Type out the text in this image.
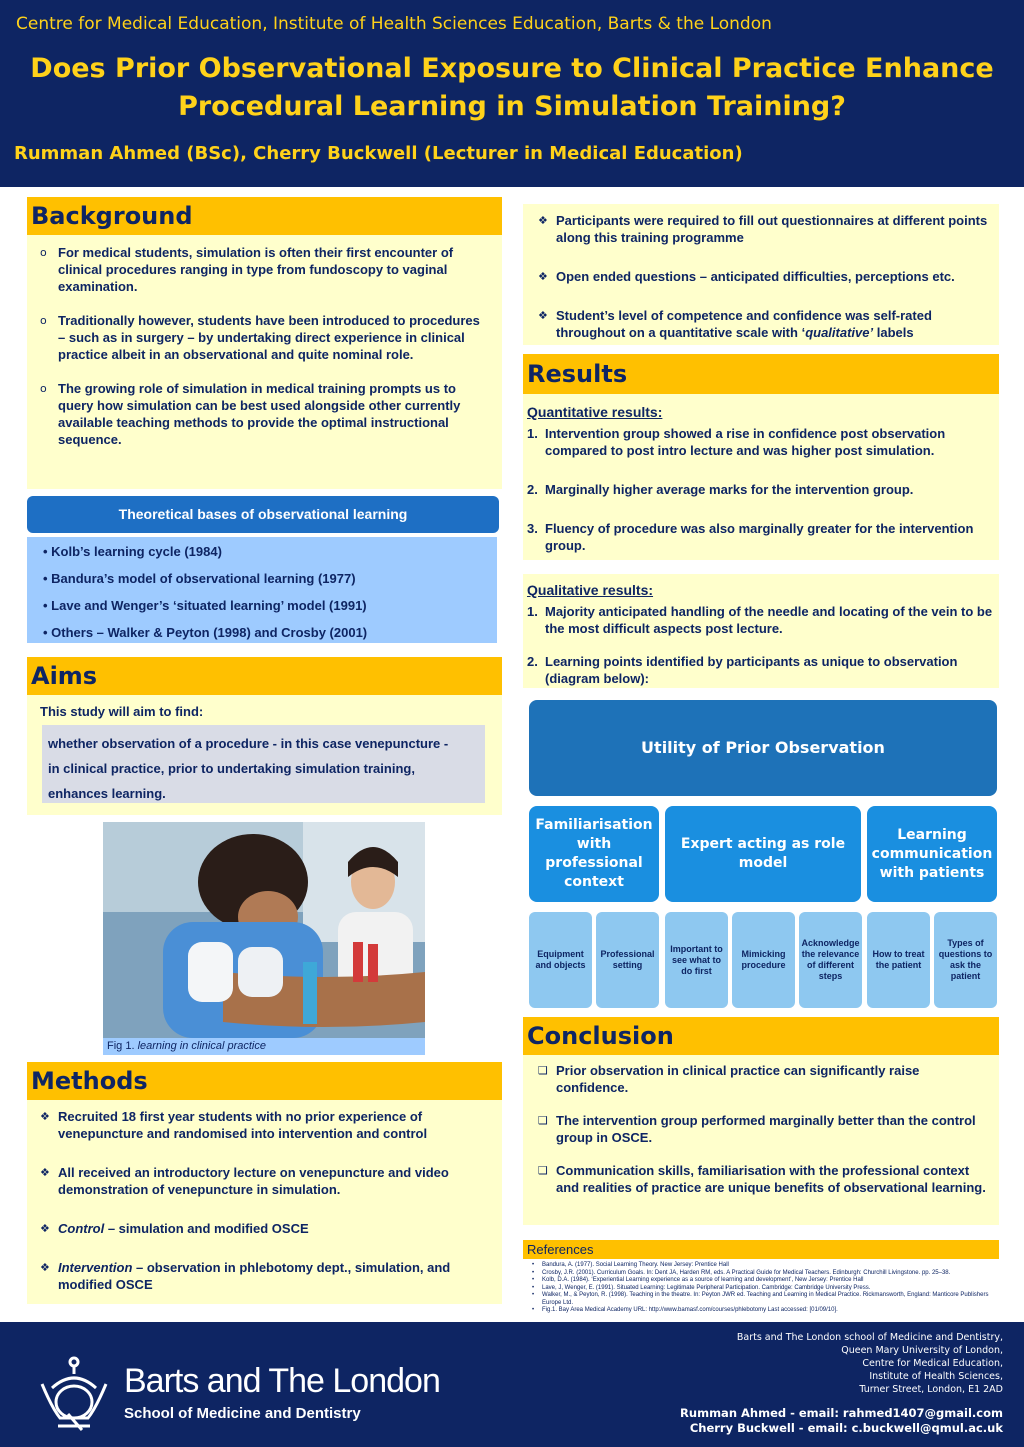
Centre for Medical Education, Institute of Health Sciences Education, Barts & the London
Does Prior Observational Exposure to Clinical Practice Enhance
Procedural Learning in Simulation Training?
Rumman Ahmed (BSc), Cherry Buckwell (Lecturer in Medical Education)
Background
o For medical students, simulation is often their first encounter of clinical procedures ranging in type from fundoscopy to vaginal examination.
o Traditionally however, students have been introduced to procedures – such as in surgery – by undertaking direct experience in clinical practice albeit in an observational and quite nominal role.
o The growing role of simulation in medical training prompts us to query how simulation can be best used alongside other currently available teaching methods to provide the optimal instructional sequence.
Theoretical bases of observational learning
• Kolb’s learning cycle (1984)
• Bandura’s model of observational learning (1977)
• Lave and Wenger’s ‘situated learning’ model (1991)
• Others – Walker & Peyton (1998) and Crosby (2001)
Aims
This study will aim to find:
whether observation of a procedure - in this case venepuncture -
in clinical practice, prior to undertaking simulation training,
enhances learning.
Fig 1. learning in clinical practice
Methods
❖ Recruited 18 first year students with no prior experience of venepuncture and randomised into intervention and control
❖ All received an introductory lecture on venepuncture and video demonstration of venepuncture in simulation.
❖ Control – simulation and modified OSCE
❖ Intervention – observation in phlebotomy dept., simulation, and modified OSCE
❖ Participants were required to fill out questionnaires at different points along this training programme
❖ Open ended questions – anticipated difficulties, perceptions etc.
❖ Student’s level of competence and confidence was self-rated throughout on a quantitative scale with ‘qualitative’ labels
Results
Quantitative results:
1. Intervention group showed a rise in confidence post observation compared to post intro lecture and was higher post simulation.
2. Marginally higher average marks for the intervention group.
3. Fluency of procedure was also marginally greater for the intervention group.
Qualitative results:
1. Majority anticipated handling of the needle and locating of the vein to be the most difficult aspects post lecture.
2. Learning points identified by participants as unique to observation (diagram below):
Utility of Prior Observation
Familiarisation with professional context
Expert acting as role model
Learning communication with patients
Equipment and objects
Professional setting
Important to see what to do first
Mimicking procedure
Acknowledge the relevance of different steps
How to treat the patient
Types of questions to ask the patient
Conclusion
❑ Prior observation in clinical practice can significantly raise confidence.
❑ The intervention group performed marginally better than the control group in OSCE.
❑ Communication skills, familiarisation with the professional context and realities of practice are unique benefits of observational learning.
References
• Bandura, A. (1977). Social Learning Theory. New Jersey: Prentice Hall
• Crosby, J.R. (2001). Curriculum Goals. In: Dent JA, Harden RM, eds. A Practical Guide for Medical Teachers. Edinburgh: Churchill Livingstone. pp. 25–38.
• Kolb, D.A. (1984). ‘Experiential Learning experience as a source of learning and development’, New Jersey: Prentice Hall
• Lave, J, Wenger, E. (1991). Situated Learning: Legitimate Peripheral Participation. Cambridge: Cambridge University Press.
• Walker, M., & Peyton, R. (1998). Teaching in the theatre. In: Peyton JWR ed. Teaching and Learning in Medical Practice. Rickmansworth, England: Manticore Publishers Europe Ltd.
• Fig.1. Bay Area Medical Academy URL: http://www.bamasf.com/courses/phlebotomy Last accessed: [01/09/10].
Barts and The London
School of Medicine and Dentistry
Barts and The London school of Medicine and Dentistry,
Queen Mary University of London,
Centre for Medical Education,
Institute of Health Sciences,
Turner Street, London, E1 2AD
Rumman Ahmed - email: rahmed1407@gmail.com
Cherry Buckwell - email: c.buckwell@qmul.ac.uk
